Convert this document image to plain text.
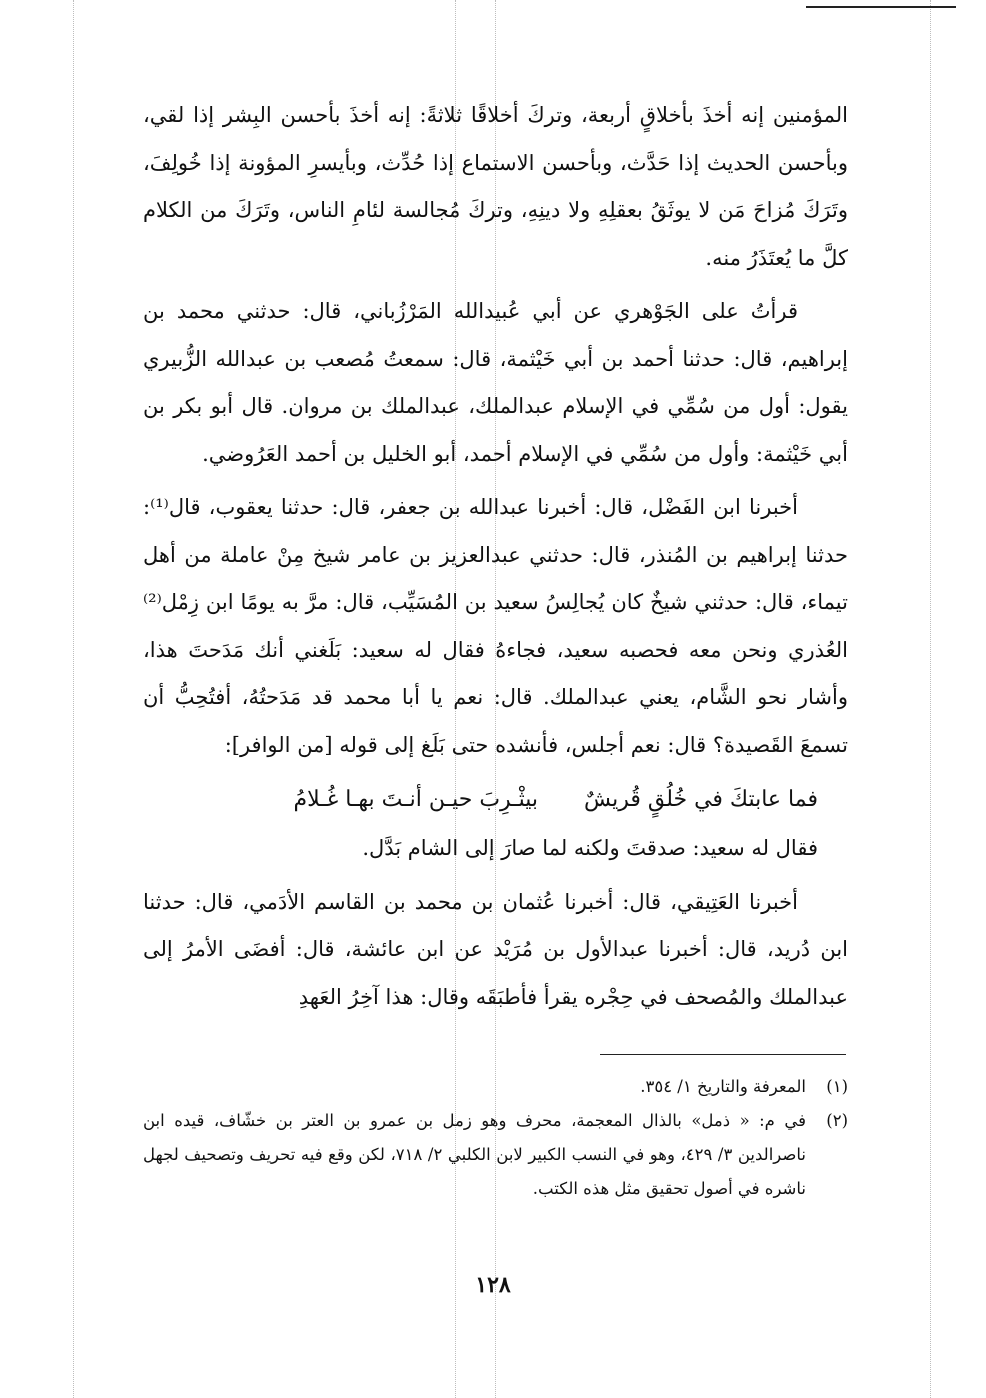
المؤمنين إنه أخذَ بأخلاقٍ أربعة، وتركَ أخلاقًا ثلاثةً: إنه أخذَ بأحسن البِشر إذا لقي، وبأحسن الحديث إذا حَدَّث، وبأحسن الاستماع إذا حُدِّث، وبأيسرِ المؤونة إذا خُولِفَ، وتَرَكَ مُزاحَ مَن لا يوثَقُ بعقلِهِ ولا دينِهِ، وتركَ مُجالسة لئامِ الناس، وتَرَكَ من الكلام كلَّ ما يُعتَذَرُ منه.

قرأتُ على الجَوْهري عن أبي عُبيدالله المَرْزُباني، قال: حدثني محمد بن إبراهيم، قال: حدثنا أحمد بن أبي خَيْثمة، قال: سمعتُ مُصعب بن عبدالله الزُّبيري يقول: أول من سُمِّي في الإسلام عبدالملك، عبدالملك بن مروان. قال أبو بكر بن أبي خَيْثمة: وأول من سُمِّي في الإسلام أحمد، أبو الخليل بن أحمد العَرُوضي.

أخبرنا ابن الفَضْل، قال: أخبرنا عبدالله بن جعفر، قال: حدثنا يعقوب، قال⁽¹⁾: حدثنا إبراهيم بن المُنذر، قال: حدثني عبدالعزيز بن عامر شيخ مِنْ عاملة من أهل تيماء، قال: حدثني شيخٌ كان يُجالِسُ سعيد بن المُسَيِّب، قال: مرَّ به يومًا ابن زِمْل⁽²⁾ العُذري ونحن معه فحصبه سعيد، فجاءهُ فقال له سعيد: بَلَغني أنك مَدَحتَ هذا، وأشار نحو الشَّام، يعني عبدالملك. قال: نعم يا أبا محمد قد مَدَحتُهُ، أفتُحِبُّ أن تسمعَ القَصيدة؟ قال: نعم أجلس، فأنشده حتى بَلَغ إلى قوله [من الوافر]:

فما عابتكَ في خُلُقٍ قُريشٌ
بيثْـرِبَ حيـن أنـتَ بهـا غُـلامُ

فقال له سعيد: صدقتَ ولكنه لما صارَ إلى الشام بَدَّل.

أخبرنا العَتِيقي، قال: أخبرنا عُثمان بن محمد بن القاسم الأدَمي، قال: حدثنا ابن دُريد، قال: أخبرنا عبدالأول بن مُرَيْد عن ابن عائشة، قال: أفضَى الأمرُ إلى عبدالملك والمُصحف في حِجْره يقرأ فأطبَقَه وقال: هذا آخِرُ العَهدِ

(١)
المعرفة والتاريخ ١/ ٣٥٤.
(٢)
في م: « ذمل» بالذال المعجمة، محرف وهو زمل بن عمرو بن العتر بن خشّاف، قيده ابن ناصرالدين ٣/ ٤٢٩، وهو في النسب الكبير لابن الكلبي ٢/ ٧١٨، لكن وقع فيه تحريف وتصحيف لجهل ناشره في أصول تحقيق مثل هذه الكتب.
١٢٨
